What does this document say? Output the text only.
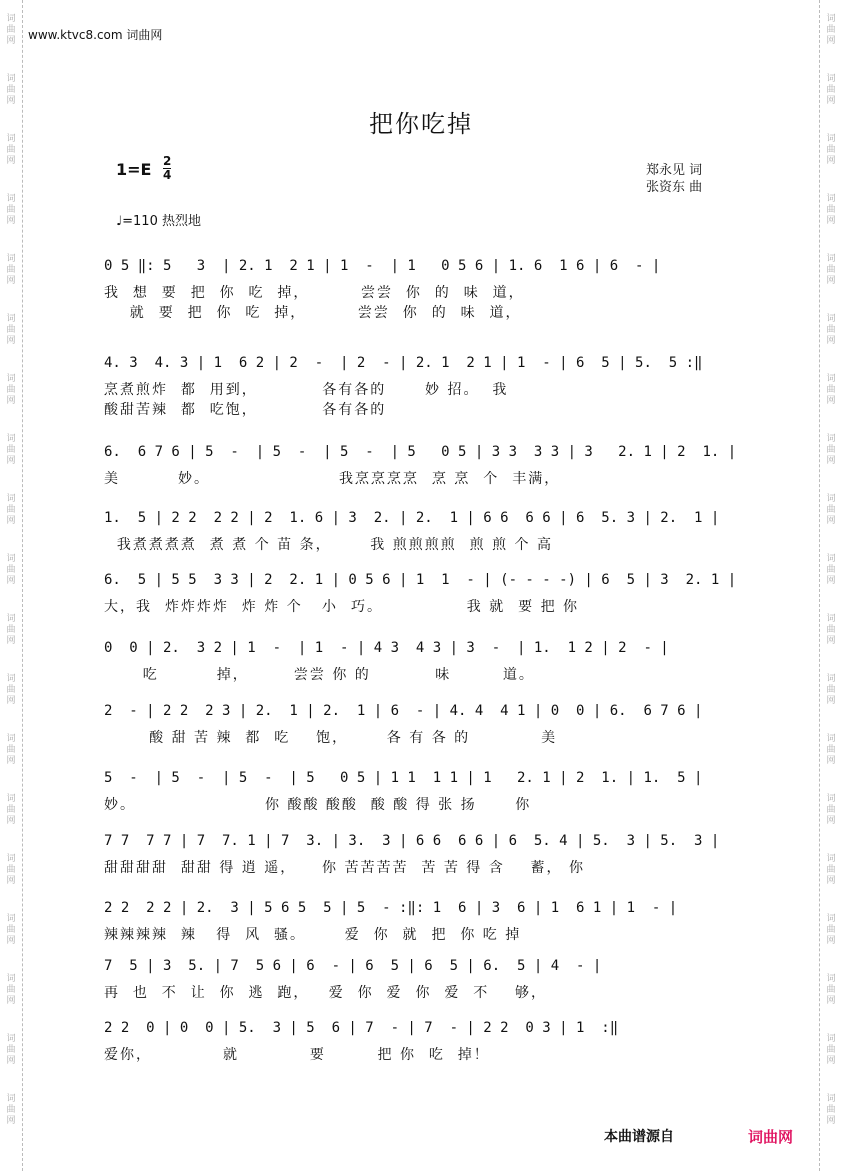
词
曲
网
词
曲
网
词
曲
网
词
曲
网
词
曲
网
词
曲
网
词
曲
网
词
曲
网
词
曲
网
词
曲
网
词
曲
网
词
曲
网
词
曲
网
词
曲
网
词
曲
网
词
曲
网
词
曲
网
词
曲
网
词
曲
网
词
曲
网
词
曲
网
词
曲
网
词
曲
网
词
曲
网
词
曲
网
词
曲
网
词
曲
网
词
曲
网
词
曲
网
词
曲
网
词
曲
网
词
曲
网
词
曲
网
词
曲
网
词
曲
网
词
曲
网
词
曲
网
词
曲
网
www.ktvc8.com 词曲网
把你吃掉
1=E 2
4	郑永见 词
张资东 曲
♩=110 热烈地
0 5 ‖: 5   3  | 2. 1  2 1 | 1  -  | 1   0 5 6 | 1. 6  1 6 | 6  - |
我  想  要  把  你  吃  掉，        尝尝  你  的  味  道，
就  要  把  你  吃  掉，        尝尝  你  的  味  道，
4. 3  4. 3 | 1  6 2 | 2  -  | 2  - | 2. 1  2 1 | 1  - | 6  5 | 5.  5 :‖
烹煮煎炸  都  用到，          各有各的      妙 招。  我
酸甜苦辣  都  吃饱，          各有各的
6.  6 7 6 | 5  -  | 5  -  | 5  -  | 5   0 5 | 3 3  3 3 | 3   2. 1 | 2  1. |
美         妙。                    我烹烹烹烹  烹 烹  个  丰满，
1.  5 | 2 2  2 2 | 2  1. 6 | 3  2. | 2.  1 | 6 6  6 6 | 6  5. 3 | 2.  1 |
我煮煮煮煮  煮 煮 个 苗 条，      我 煎煎煎煎  煎 煎 个 高
6.  5 | 5 5  3 3 | 2  2. 1 | 0 5 6 | 1  1  - | (- - - -) | 6  5 | 3  2. 1 |
大，我  炸炸炸炸  炸 炸 个   小  巧。             我 就  要 把 你
0  0 | 2.  3 2 | 1  -  | 1  - | 4 3  4 3 | 3  -  | 1.  1 2 | 2  - |
吃         掉，       尝尝 你 的          味        道。
2  - | 2 2  2 3 | 2.  1 | 2.  1 | 6  - | 4. 4  4 1 | 0  0 | 6.  6 7 6 |
酸 甜 苦 辣  都  吃    饱，      各 有 各 的           美
5  -  | 5  -  | 5  -  | 5   0 5 | 1 1  1 1 | 1   2. 1 | 2  1. | 1.  5 |
妙。                    你 酸酸 酸酸  酸 酸 得 张 扬      你
7 7  7 7 | 7  7. 1 | 7  3. | 3.  3 | 6 6  6 6 | 6  5. 4 | 5.  3 | 5.  3 |
甜甜甜甜  甜甜 得 逍 遥，    你 苦苦苦苦  苦 苦 得 含    蓄， 你
2 2  2 2 | 2.  3 | 5 6 5  5 | 5  - :‖: 1  6 | 3  6 | 1  6 1 | 1  - |
辣辣辣辣  辣   得  风  骚。      爱  你  就  把  你 吃 掉
7  5 | 3  5. | 7  5 6 | 6  - | 6  5 | 6  5 | 6.  5 | 4  - |
再  也  不  让  你  逃  跑，   爱  你  爱  你  爱  不    够，
2 2  0 | 0  0 | 5.  3 | 5  6 | 7  - | 7  - | 2 2  0 3 | 1  :‖
爱你，           就           要        把 你  吃  掉！
本曲谱源自	词曲网
